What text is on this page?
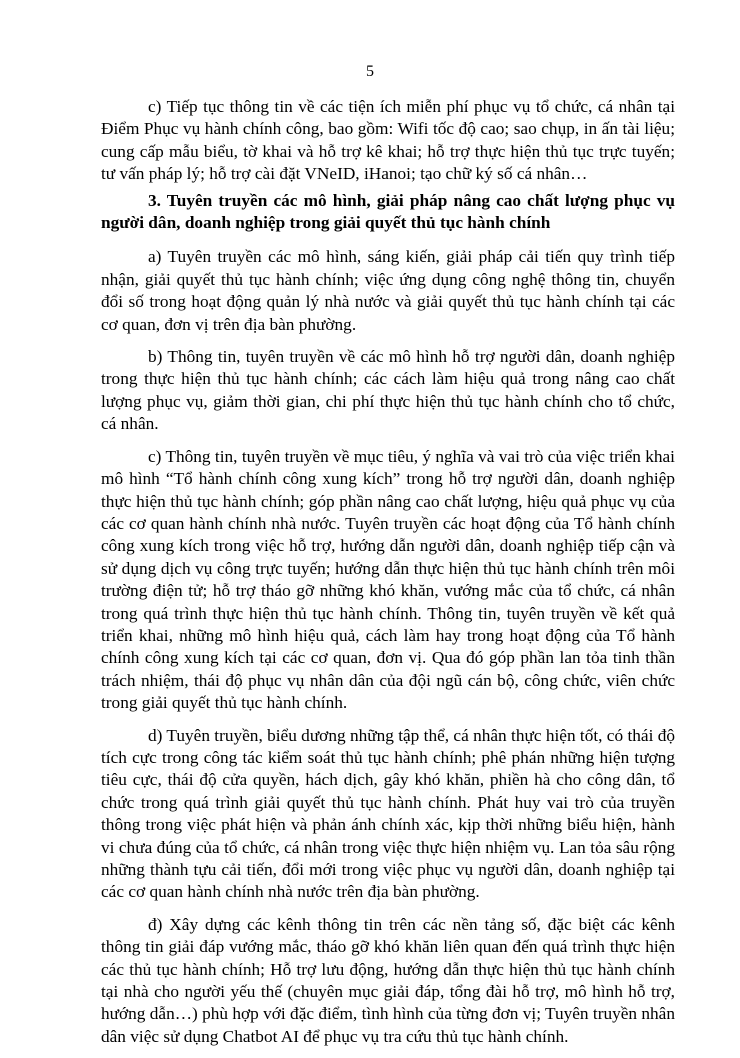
5

c) Tiếp tục thông tin về các tiện ích miễn phí phục vụ tổ chức, cá nhân tại Điểm Phục vụ hành chính công, bao gồm: Wifi tốc độ cao; sao chụp, in ấn tài liệu; cung cấp mẫu biểu, tờ khai và hỗ trợ kê khai; hỗ trợ thực hiện thủ tục trực tuyến; tư vấn pháp lý; hỗ trợ cài đặt VNeID, iHanoi; tạo chữ ký số cá nhân…

3. Tuyên truyền các mô hình, giải pháp nâng cao chất lượng phục vụ người dân, doanh nghiệp trong giải quyết thủ tục hành chính

a) Tuyên truyền các mô hình, sáng kiến, giải pháp cải tiến quy trình tiếp nhận, giải quyết thủ tục hành chính; việc ứng dụng công nghệ thông tin, chuyển đổi số trong hoạt động quản lý nhà nước và giải quyết thủ tục hành chính tại các cơ quan, đơn vị trên địa bàn phường.

b) Thông tin, tuyên truyền về các mô hình hỗ trợ người dân, doanh nghiệp trong thực hiện thủ tục hành chính; các cách làm hiệu quả trong nâng cao chất lượng phục vụ, giảm thời gian, chi phí thực hiện thủ tục hành chính cho tổ chức, cá nhân.

c) Thông tin, tuyên truyền về mục tiêu, ý nghĩa và vai trò của việc triển khai mô hình “Tổ hành chính công xung kích” trong hỗ trợ người dân, doanh nghiệp thực hiện thủ tục hành chính; góp phần nâng cao chất lượng, hiệu quả phục vụ của các cơ quan hành chính nhà nước. Tuyên truyền các hoạt động của Tổ hành chính công xung kích trong việc hỗ trợ, hướng dẫn người dân, doanh nghiệp tiếp cận và sử dụng dịch vụ công trực tuyến; hướng dẫn thực hiện thủ tục hành chính trên môi trường điện tử; hỗ trợ tháo gỡ những khó khăn, vướng mắc của tổ chức, cá nhân trong quá trình thực hiện thủ tục hành chính. Thông tin, tuyên truyền về kết quả triển khai, những mô hình hiệu quả, cách làm hay trong hoạt động của Tổ hành chính công xung kích tại các cơ quan, đơn vị. Qua đó góp phần lan tỏa tinh thần trách nhiệm, thái độ phục vụ nhân dân của đội ngũ cán bộ, công chức, viên chức trong giải quyết thủ tục hành chính.

d) Tuyên truyền, biểu dương những tập thể, cá nhân thực hiện tốt, có thái độ tích cực trong công tác kiểm soát thủ tục hành chính; phê phán những hiện tượng tiêu cực, thái độ cửa quyền, hách dịch, gây khó khăn, phiền hà cho công dân, tổ chức trong quá trình giải quyết thủ tục hành chính. Phát huy vai trò của truyền thông trong việc phát hiện và phản ánh chính xác, kịp thời những biểu hiện, hành vi chưa đúng của tổ chức, cá nhân trong việc thực hiện nhiệm vụ. Lan tỏa sâu rộng những thành tựu cải tiến, đổi mới trong việc phục vụ người dân, doanh nghiệp tại các cơ quan hành chính nhà nước trên địa bàn phường.

đ) Xây dựng các kênh thông tin trên các nền tảng số, đặc biệt các kênh thông tin giải đáp vướng mắc, tháo gỡ khó khăn liên quan đến quá trình thực hiện các thủ tục hành chính; Hỗ trợ lưu động, hướng dẫn thực hiện thủ tục hành chính tại nhà cho người yếu thế (chuyên mục giải đáp, tổng đài hỗ trợ, mô hình hỗ trợ, hướng dẫn…) phù hợp với đặc điểm, tình hình của từng đơn vị; Tuyên truyền nhân dân việc sử dụng Chatbot AI để phục vụ tra cứu thủ tục hành chính.
